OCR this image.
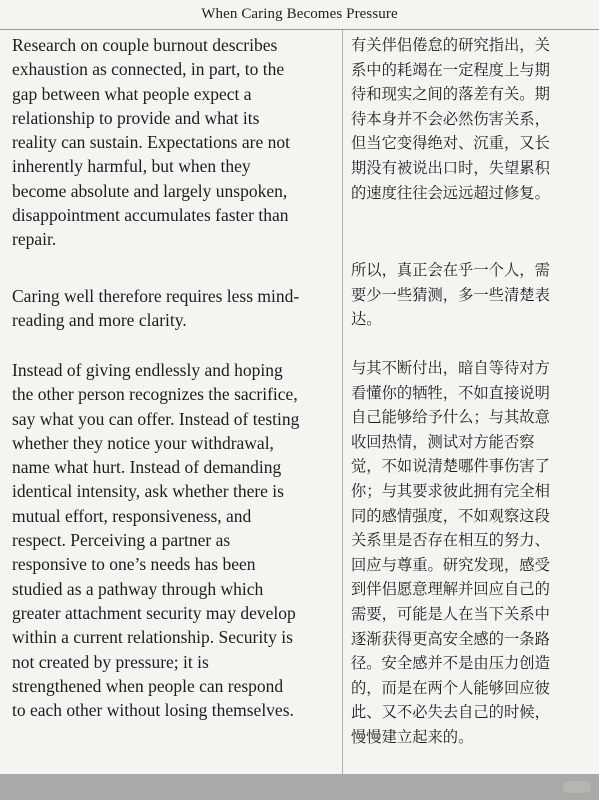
When Caring Becomes Pressure

Research on couple burnout describes
exhaustion as connected, in part, to the
gap between what people expect a
relationship to provide and what its
reality can sustain. Expectations are not
inherently harmful, but when they
become absolute and largely unspoken,
disappointment accumulates faster than
repair.

Caring well therefore requires less mind-
reading and more clarity.

Instead of giving endlessly and hoping
the other person recognizes the sacrifice,
say what you can offer. Instead of testing
whether they notice your withdrawal,
name what hurt. Instead of demanding
identical intensity, ask whether there is
mutual effort, responsiveness, and
respect. Perceiving a partner as
responsive to one’s needs has been
studied as a pathway through which
greater attachment security may develop
within a current relationship. Security is
not created by pressure; it is
strengthened when people can respond
to each other without losing themselves.

有关伴侣倦怠的研究指出，关
系中的耗竭在一定程度上与期
待和现实之间的落差有关。期
待本身并不会必然伤害关系，
但当它变得绝对、沉重，又长
期没有被说出口时，失望累积
的速度往往会远远超过修复。

所以，真正会在乎一个人，需
要少一些猜测，多一些清楚表
达。

与其不断付出，暗自等待对方
看懂你的牺牲，不如直接说明
自己能够给予什么；与其故意
收回热情，测试对方能否察
觉，不如说清楚哪件事伤害了
你；与其要求彼此拥有完全相
同的感情强度，不如观察这段
关系里是否存在相互的努力、
回应与尊重。研究发现，感受
到伴侣愿意理解并回应自己的
需要，可能是人在当下关系中
逐渐获得更高安全感的一条路
径。安全感并不是由压力创造
的，而是在两个人能够回应彼
此、又不必失去自己的时候，
慢慢建立起来的。
